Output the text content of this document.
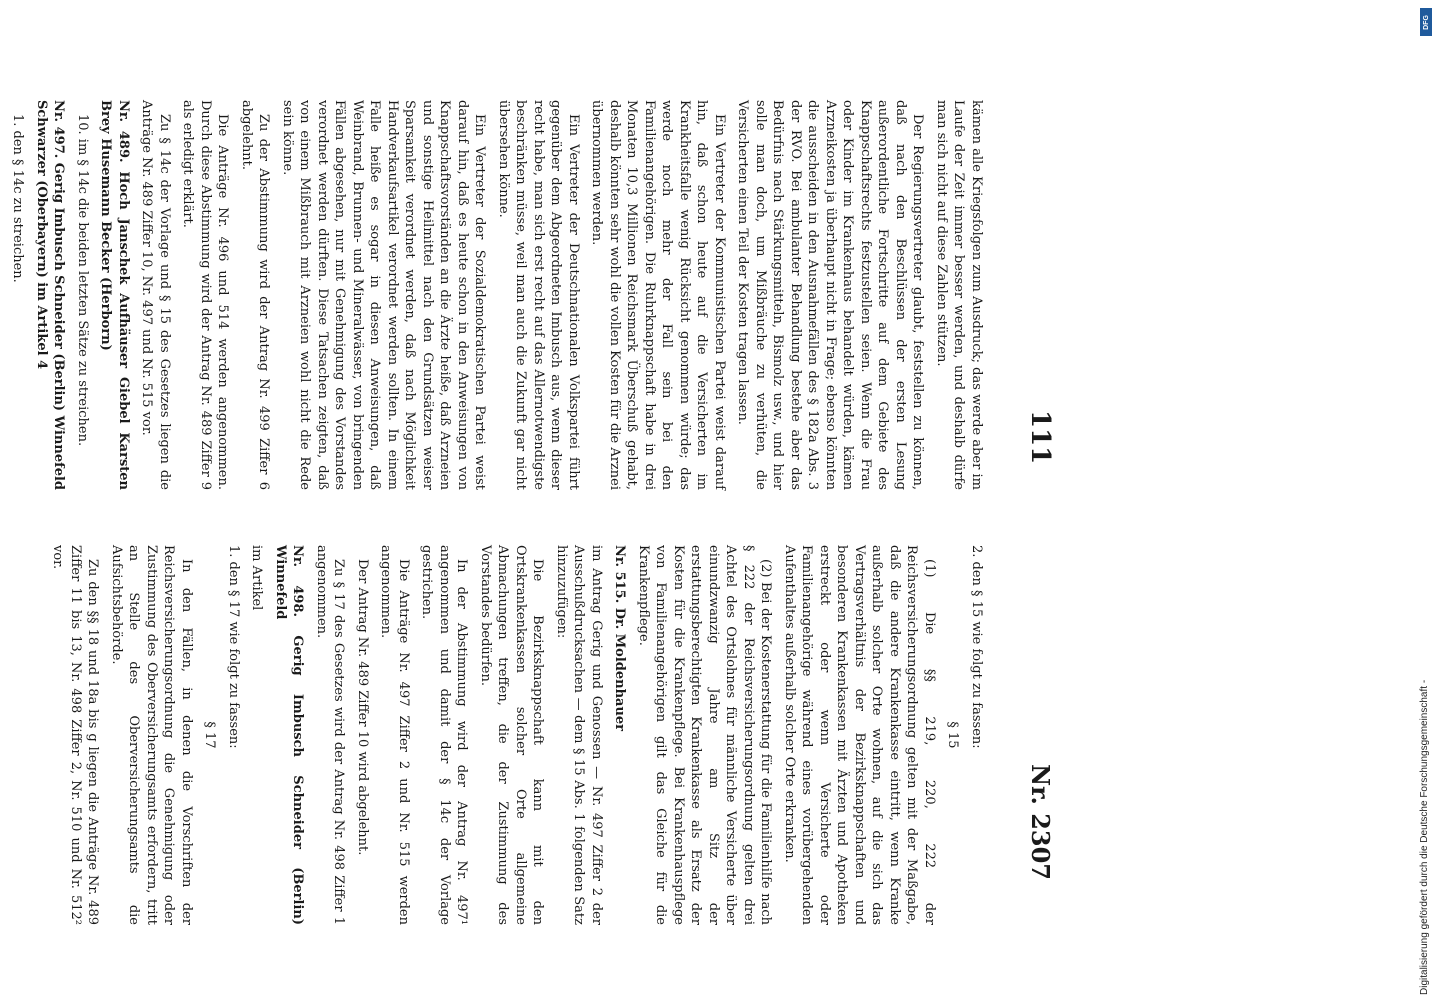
111
Nr. 2307

kämen alle Kriegsfolgen zum Ausdruck; das werde aber im Laufe der Zeit immer besser werden, und deshalb dürfe man sich nicht auf diese Zahlen stützen.

Der Regierungsvertreter glaubt, feststellen zu können, daß nach den Beschlüssen der ersten Lesung außerordentliche Fortschritte auf dem Gebiete des Knappschaftsrechts festzustellen seien. Wenn die Frau oder Kinder im Krankenhaus behandelt würden, kämen Arzneikosten ja überhaupt nicht in Frage; ebenso könnten die ausscheiden in den Ausnahmefällen des § 182a Abs. 3 der RVO. Bei ambulanter Behandlung bestehe aber das Bedürfnis nach Stärkungsmitteln, Bismolz usw., und hier solle man doch, um Mißbräuche zu verhüten, die Versicherten einen Teil der Kosten tragen lassen.

Ein Vertreter der Kommunistischen Partei weist darauf hin, daß schon heute auf die Versicherten im Krankheitsfalle wenig Rücksicht genommen würde; das werde noch mehr der Fall sein bei den Familienangehörigen. Die Ruhrknappschaft habe in drei Monaten 10,3 Millionen Reichsmark Überschuß gehabt, deshalb könnten sehr wohl die vollen Kosten für die Arznei übernommen werden.

Ein Vertreter der Deutschnationalen Volkspartei führt gegenüber dem Abgeordneten Imbusch aus, wenn dieser recht habe, man sich erst recht auf das Allernotwendigste beschränken müsse, weil man auch die Zukunft gar nicht übersehen könne.

Ein Vertreter der Sozialdemokratischen Partei weist darauf hin, daß es heute schon in den Anweisungen von Knappschaftsvorständen an die Ärzte heiße, daß Arzneien und sonstige Heilmittel nach den Grundsätzen weiser Sparsamkeit verordnet werden, daß nach Möglichkeit Handverkaufsartikel verordnet werden sollten. In einem Falle heiße es sogar in diesen Anweisungen, daß Weinbrand, Brunnen- und Mineralwässer, von bringenden Fällen abgesehen, nur mit Genehmigung des Vorstandes verordnet werden dürften. Diese Tatsachen zeigten, daß von einem Mißbrauch mit Arzneien wohl nicht die Rede sein könne.

Zu der Abstimmung wird der Antrag Nr. 499 Ziffer 6 abgelehnt.

Die Anträge Nr. 496 und 514 werden angenommen. Durch diese Abstimmung wird der Antrag Nr. 489 Ziffer 9 als erledigt erklärt.

Zu § 14c der Vorlage und § 15 des Gesetzes liegen die Anträge Nr. 489 Ziffer 10, Nr. 497 und Nr. 515 vor.

Nr. 489. Hoch Janschek Aufhäuser Giebel Karsten Brey Husemann Becker (Herborn)

10. im § 14c die beiden letzten Sätze zu streichen.

Nr. 497. Gerig Imbusch Schneider (Berlin) Winnefeld Schwarzer (Oberbayern) im Artikel 4

1. den § 14c zu streichen.

2. den § 15 wie folgt zu fassen:

§ 15

(1) Die §§ 219, 220, 222 der Reichsversicherungsordnung gelten mit der Maßgabe, daß die andere Krankenkasse eintritt, wenn Kranke außerhalb solcher Orte wohnen, auf die sich das Vertragsverhältnis der Bezirksknappschaften und besonderen Krankenkassen mit Ärzten und Apotheken erstreckt oder wenn Versicherte oder Familienangehörige während eines vorübergehenden Aufenthaltes außerhalb solcher Orte erkranken.

(2) Bei der Kostenerstattung für die Familienhilfe nach § 222 der Reichsversicherungsordnung gelten drei Achtel des Ortslohnes für männliche Versicherte über einundzwanzig Jahre am Sitz der erstattungsberechtigten Krankenkasse als Ersatz der Kosten für die Krankenpflege. Bei Krankenhauspflege von Familienangehörigen gilt das Gleiche für die Krankenpflege.

Nr. 515. Dr. Moldenhauer

im Antrag Gerig und Genossen — Nr. 497 Ziffer 2 der Ausschußdrucksachen — dem § 15 Abs. 1 folgenden Satz hinzuzufügen:

Die Bezirksknappschaft kann mit den Ortskrankenkassen solcher Orte allgemeine Abmachungen treffen, die der Zustimmung des Vorstandes bedürfen.

In der Abstimmung wird der Antrag Nr. 497¹ angenommen und damit der § 14c der Vorlage gestrichen.

Die Anträge Nr. 497 Ziffer 2 und Nr. 515 werden angenommen.

Der Antrag Nr. 489 Ziffer 10 wird abgelehnt.

Zu § 17 des Gesetzes wird der Antrag Nr. 498 Ziffer 1 angenommen.

Nr. 498. Gerig Imbusch Schneider (Berlin) Winnefeld

im Artikel

1. den § 17 wie folgt zu fassen:

§ 17

In den Fällen, in denen die Vorschriften der Reichsversicherungsordnung die Genehmigung oder Zustimmung des Oberversicherungsamts erfordern, tritt an Stelle des Oberversicherungsamts die Aufsichtsbehörde.

Zu den §§ 18 und 18a bis g liegen die Anträge Nr. 489 Ziffer 11 bis 13, Nr. 498 Ziffer 2, Nr. 510 und Nr. 512² vor.

DFG
Digitalisierung gefördert durch die Deutsche Forschungsgemeinschaft -
